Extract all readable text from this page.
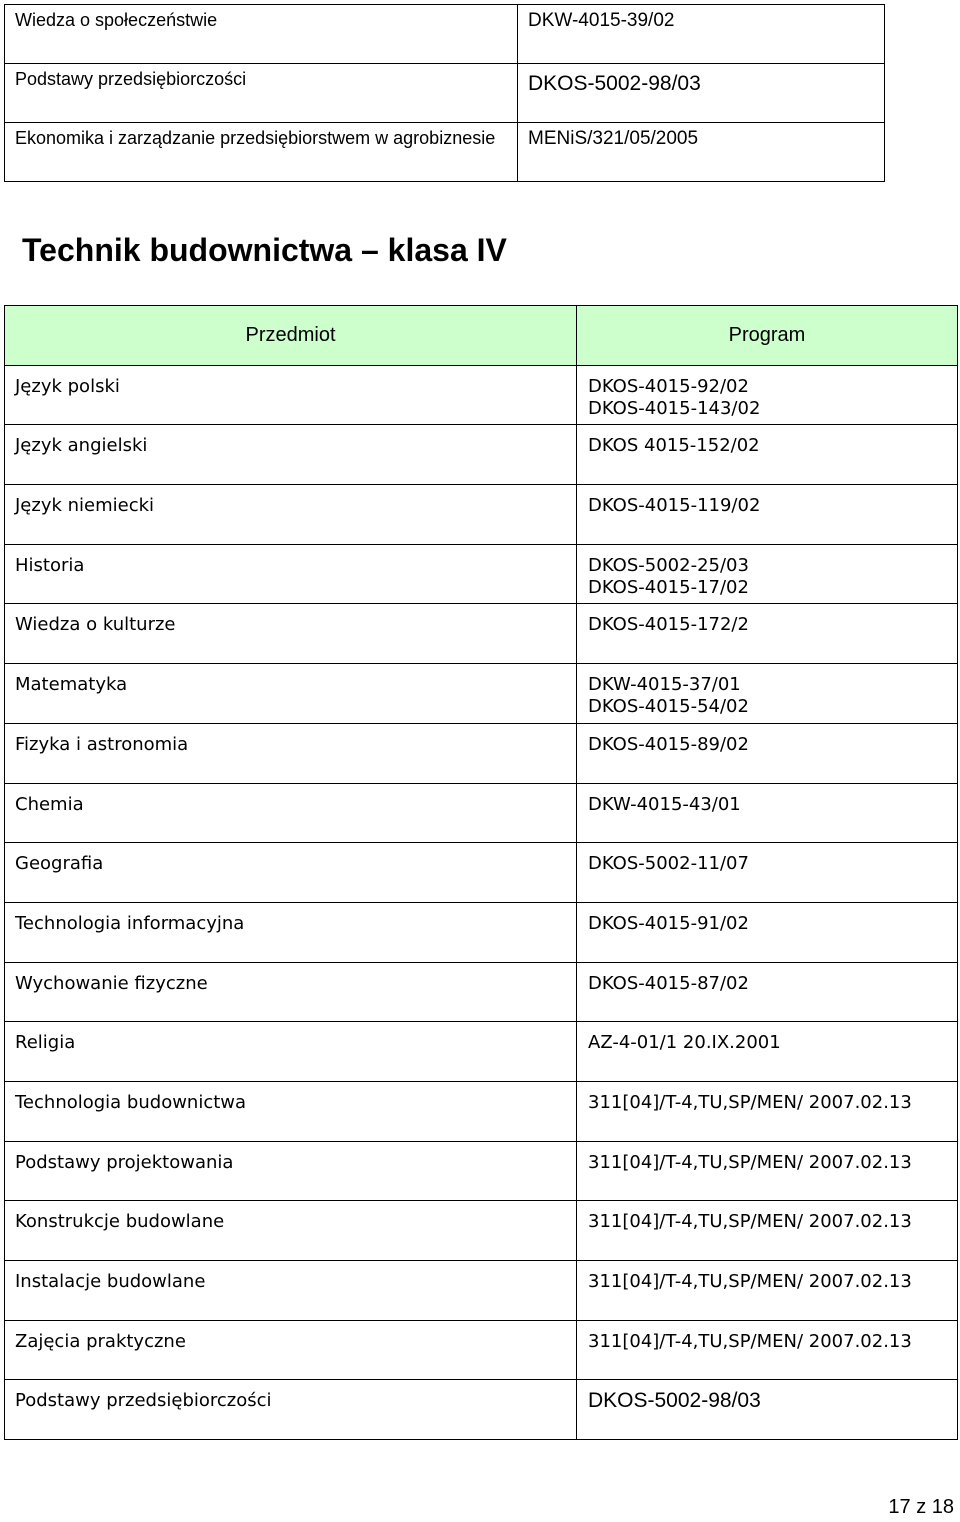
Wiedza o społeczeństwie	DKW-4015-39/02
Podstawy przedsiębiorczości	DKOS-5002-98/03
Ekonomika i zarządzanie przedsiębiorstwem w agrobiznesie	MENiS/321/05/2005
Technik budownictwa – klasa IV
Przedmiot	Program
Język polski	DKOS-4015-92/02
DKOS-4015-143/02

Język angielski	DKOS 4015-152/02

Język niemiecki	DKOS-4015-119/02

Historia	DKOS-5002-25/03
DKOS-4015-17/02

Wiedza o kulturze	DKOS-4015-172/2

Matematyka	DKW-4015-37/01
DKOS-4015-54/02

Fizyka i astronomia	DKOS-4015-89/02

Chemia	DKW-4015-43/01

Geografia	DKOS-5002-11/07

Technologia informacyjna	DKOS-4015-91/02

Wychowanie fizyczne	DKOS-4015-87/02

Religia	AZ-4-01/1 20.IX.2001

Technologia budownictwa	311[04]/T-4,TU,SP/MEN/ 2007.02.13

Podstawy projektowania	311[04]/T-4,TU,SP/MEN/ 2007.02.13

Konstrukcje budowlane	311[04]/T-4,TU,SP/MEN/ 2007.02.13

Instalacje budowlane	311[04]/T-4,TU,SP/MEN/ 2007.02.13

Zajęcia praktyczne	311[04]/T-4,TU,SP/MEN/ 2007.02.13

Podstawy przedsiębiorczości	DKOS-5002-98/03
17 z 18
